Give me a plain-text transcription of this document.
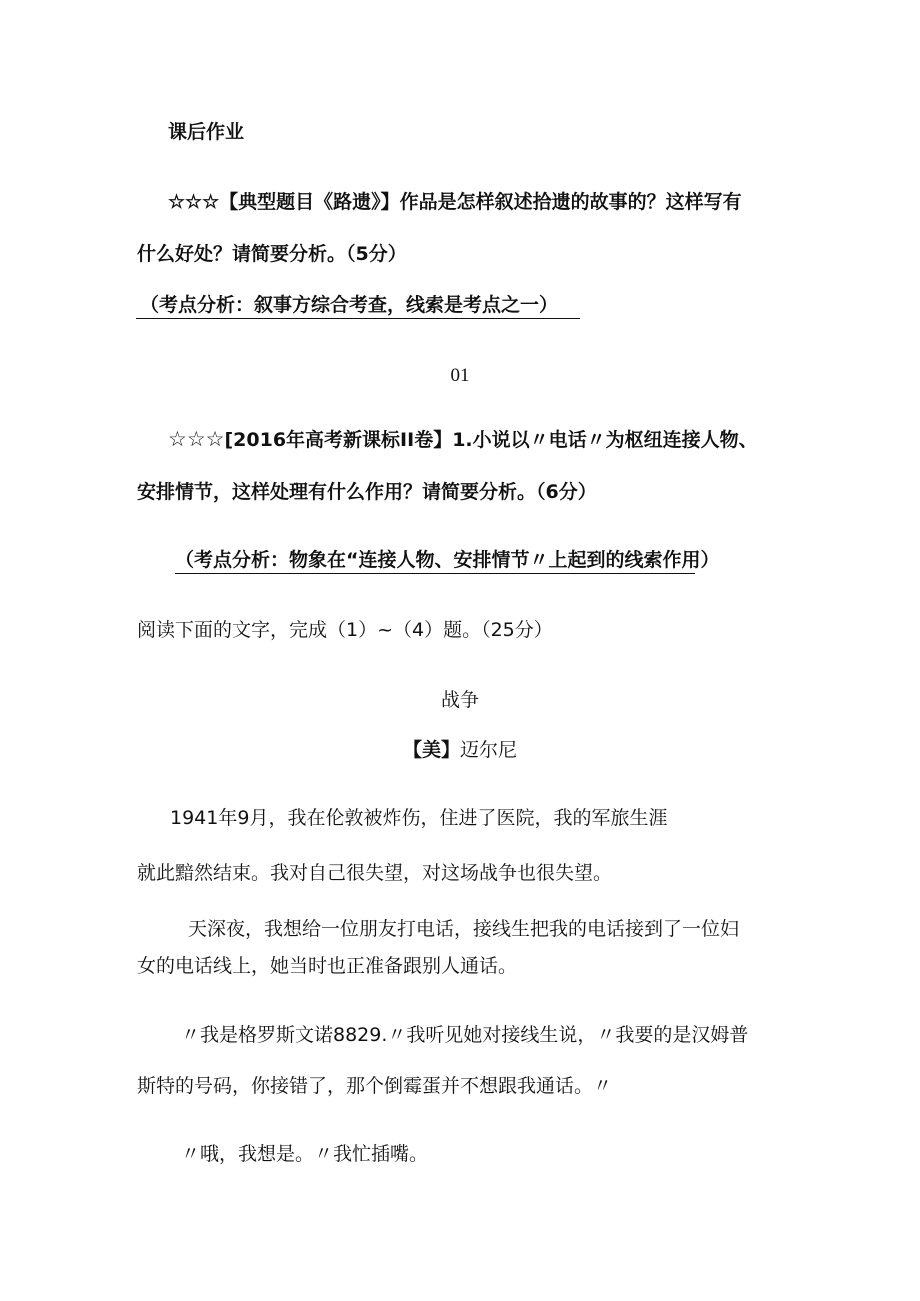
课后作业
☆☆☆【典型题目《路遗》】作品是怎样叙述拾遗的故事的？这样写有
什么好处？请简要分析。（5分）
（考点分析：叙事方综合考查，线索是考点之一）
01
☆☆☆[2016年高考新课标II卷】1.小说以〃电话〃为枢纽连接人物、
安排情节，这样处理有什么作用？请简要分析。（6分）
（考点分析：物象在“连接人物、安排情节〃上起到的线索作用）
阅读下面的文字，完成（1）~（4）题。（25分）
战争
【美】迈尔尼
1941年9月，我在伦敦被炸伤，住进了医院，我的军旅生涯
就此黯然结束。我对自己很失望，对这场战争也很失望。
天深夜，我想给一位朋友打电话，接线生把我的电话接到了一位妇
女的电话线上，她当时也正准备跟别人通话。
〃我是格罗斯文诺8829.〃我听见她对接线生说，〃我要的是汉姆普
斯特的号码，你接错了，那个倒霉蛋并不想跟我通话。〃
〃哦，我想是。〃我忙插嘴。
